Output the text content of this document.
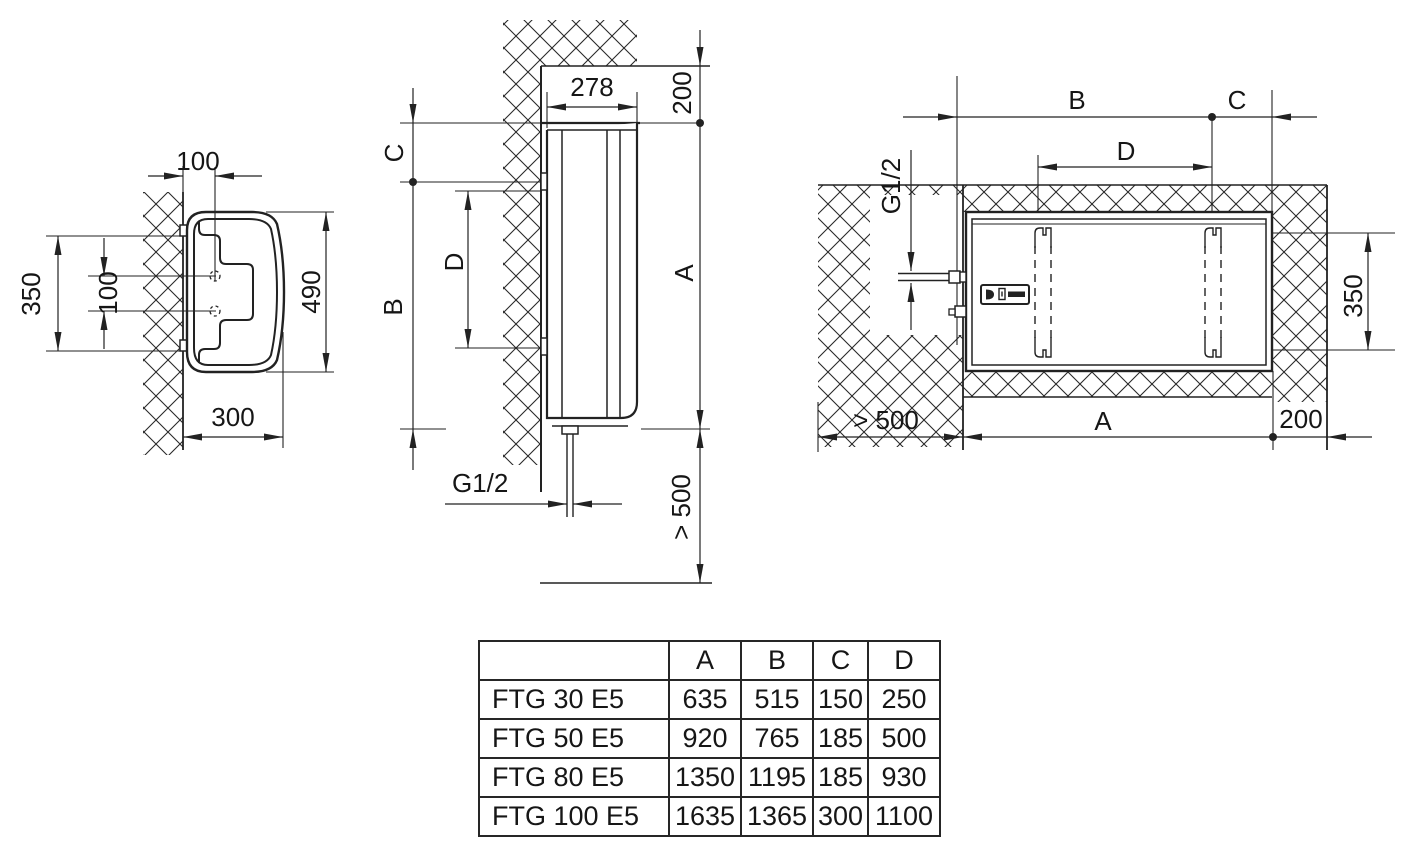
100
350 100	490
300
278 200
C
D
B
A
G1/2	> 500
B	C
D
G1/2
350
> 500	A	200
	A	B	C	D
FTG 30 E5	635	515	150	250
FTG 50 E5	920	765	185	500
FTG 80 E5	1350	1195	185	930
FTG 100 E5	1635	1365	300	1100
